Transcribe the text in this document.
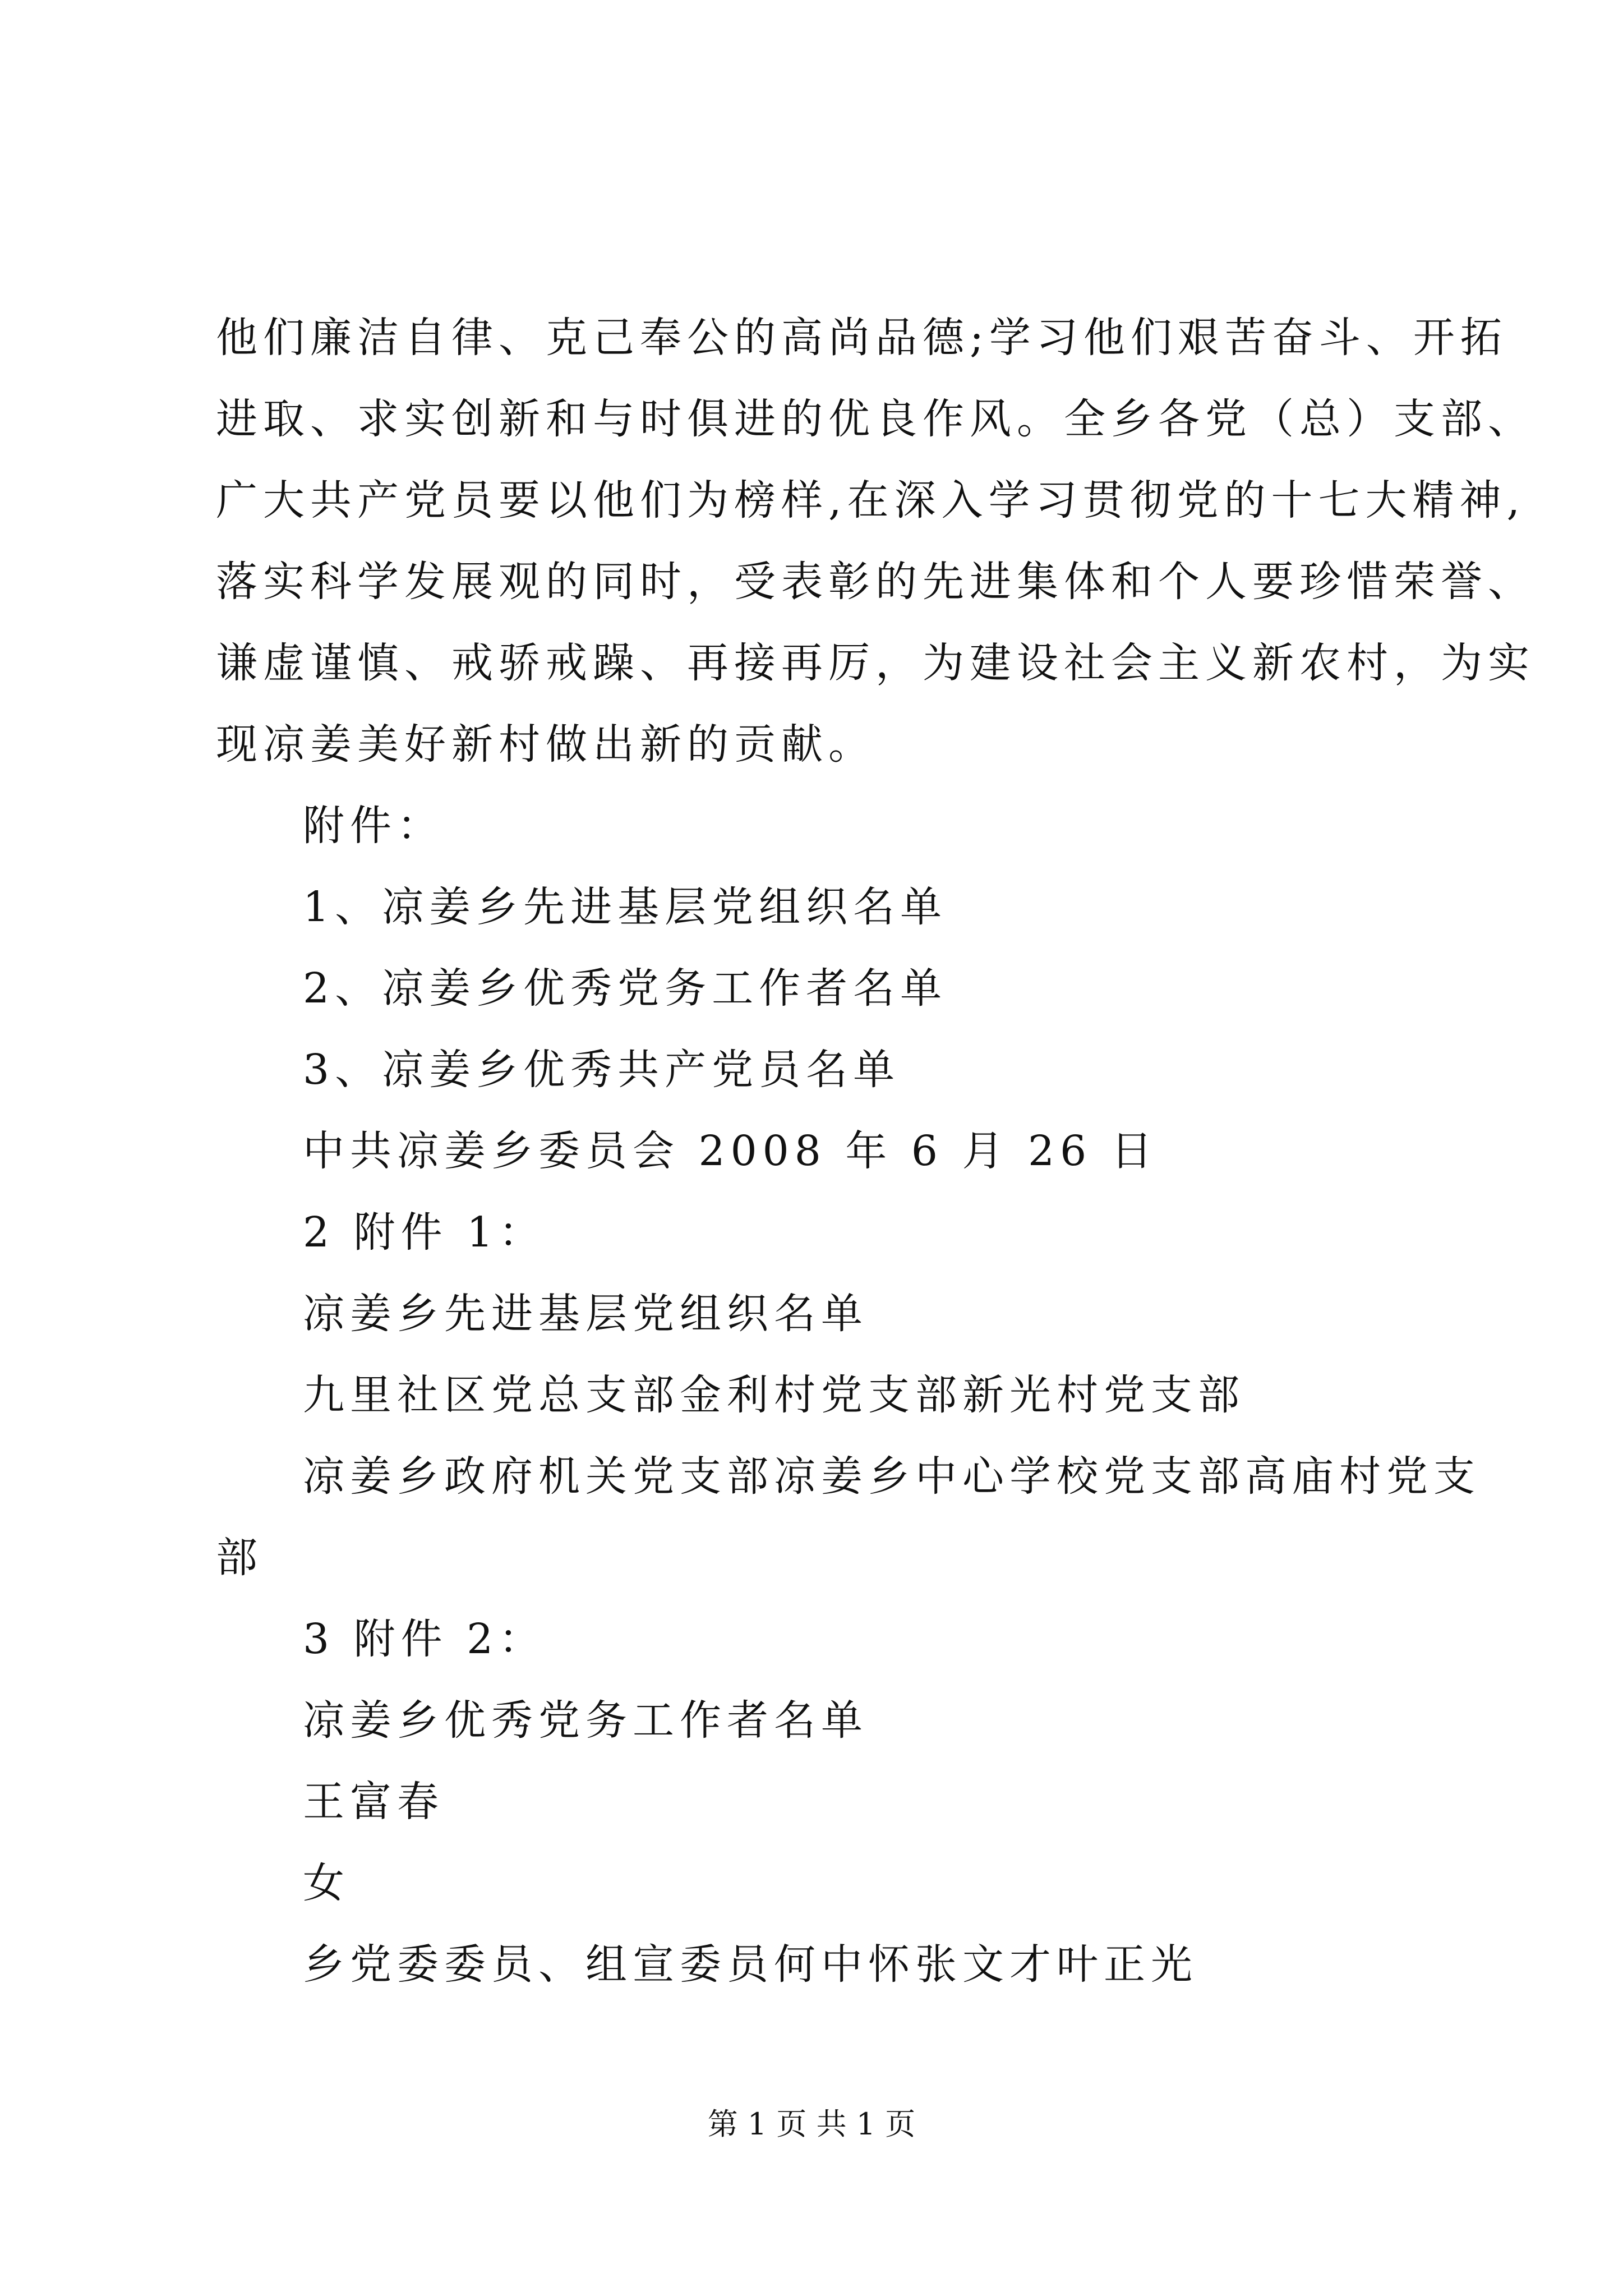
他们廉洁自律、克己奉公的高尚品德;学习他们艰苦奋斗、开拓
进取、求实创新和与时俱进的优良作风。全乡各党（总）支部、
广大共产党员要以他们为榜样,在深入学习贯彻党的十七大精神,
落实科学发展观的同时，受表彰的先进集体和个人要珍惜荣誉、
谦虚谨慎、戒骄戒躁、再接再厉，为建设社会主义新农村，为实
现凉姜美好新村做出新的贡献。
附件：
1、凉姜乡先进基层党组织名单
2、凉姜乡优秀党务工作者名单
3、凉姜乡优秀共产党员名单
中共凉姜乡委员会 2008 年 6 月 26 日
2 附件 1：
凉姜乡先进基层党组织名单
九里社区党总支部金利村党支部新光村党支部
凉姜乡政府机关党支部凉姜乡中心学校党支部高庙村党支
部
3 附件 2：
凉姜乡优秀党务工作者名单
王富春
女
乡党委委员、组宣委员何中怀张文才叶正光
第 1 页 共 1 页
